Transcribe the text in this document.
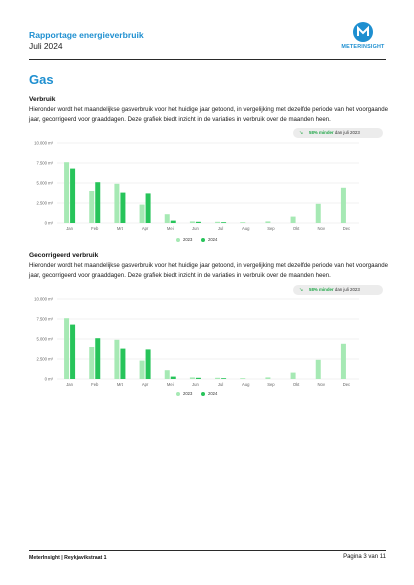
Rapportage energieverbruik
Juli 2024	METERINSIGHT
Gas
Verbruik
Hieronder wordt het maandelijkse gasverbruik voor het huidige jaar getoond, in vergelijking met dezelfde periode van het voorgaande jaar, gecorrigeerd voor graaddagen. Deze grafiek biedt inzicht in de variaties in verbruik over de maanden heen.
↘ 58% minder dan juli 2023
0 m³
2.500 m³
5.000 m³
7.500 m³
10.000 m³
Jan	Feb	Mrt	Apr	Mei	Jun	Jul	Aug	Sep	Okt	Nov	Dec
2023	2024
Gecorrigeerd verbruik
Hieronder wordt het maandelijkse gasverbruik voor het huidige jaar getoond, in vergelijking met dezelfde periode van het voorgaande jaar, gecorrigeerd voor graaddagen. Deze grafiek biedt inzicht in de variaties in verbruik over de maanden heen.
↘ 58% minder dan juli 2023
0 m³
2.500 m³
5.000 m³
7.500 m³
10.000 m³
Jan	Feb	Mrt	Apr	Mei	Jun	Jul	Aug	Sep	Okt	Nov	Dec
2023	2024
MeterInsight | Reykjavikstraat 1	Pagina 3 van 11
